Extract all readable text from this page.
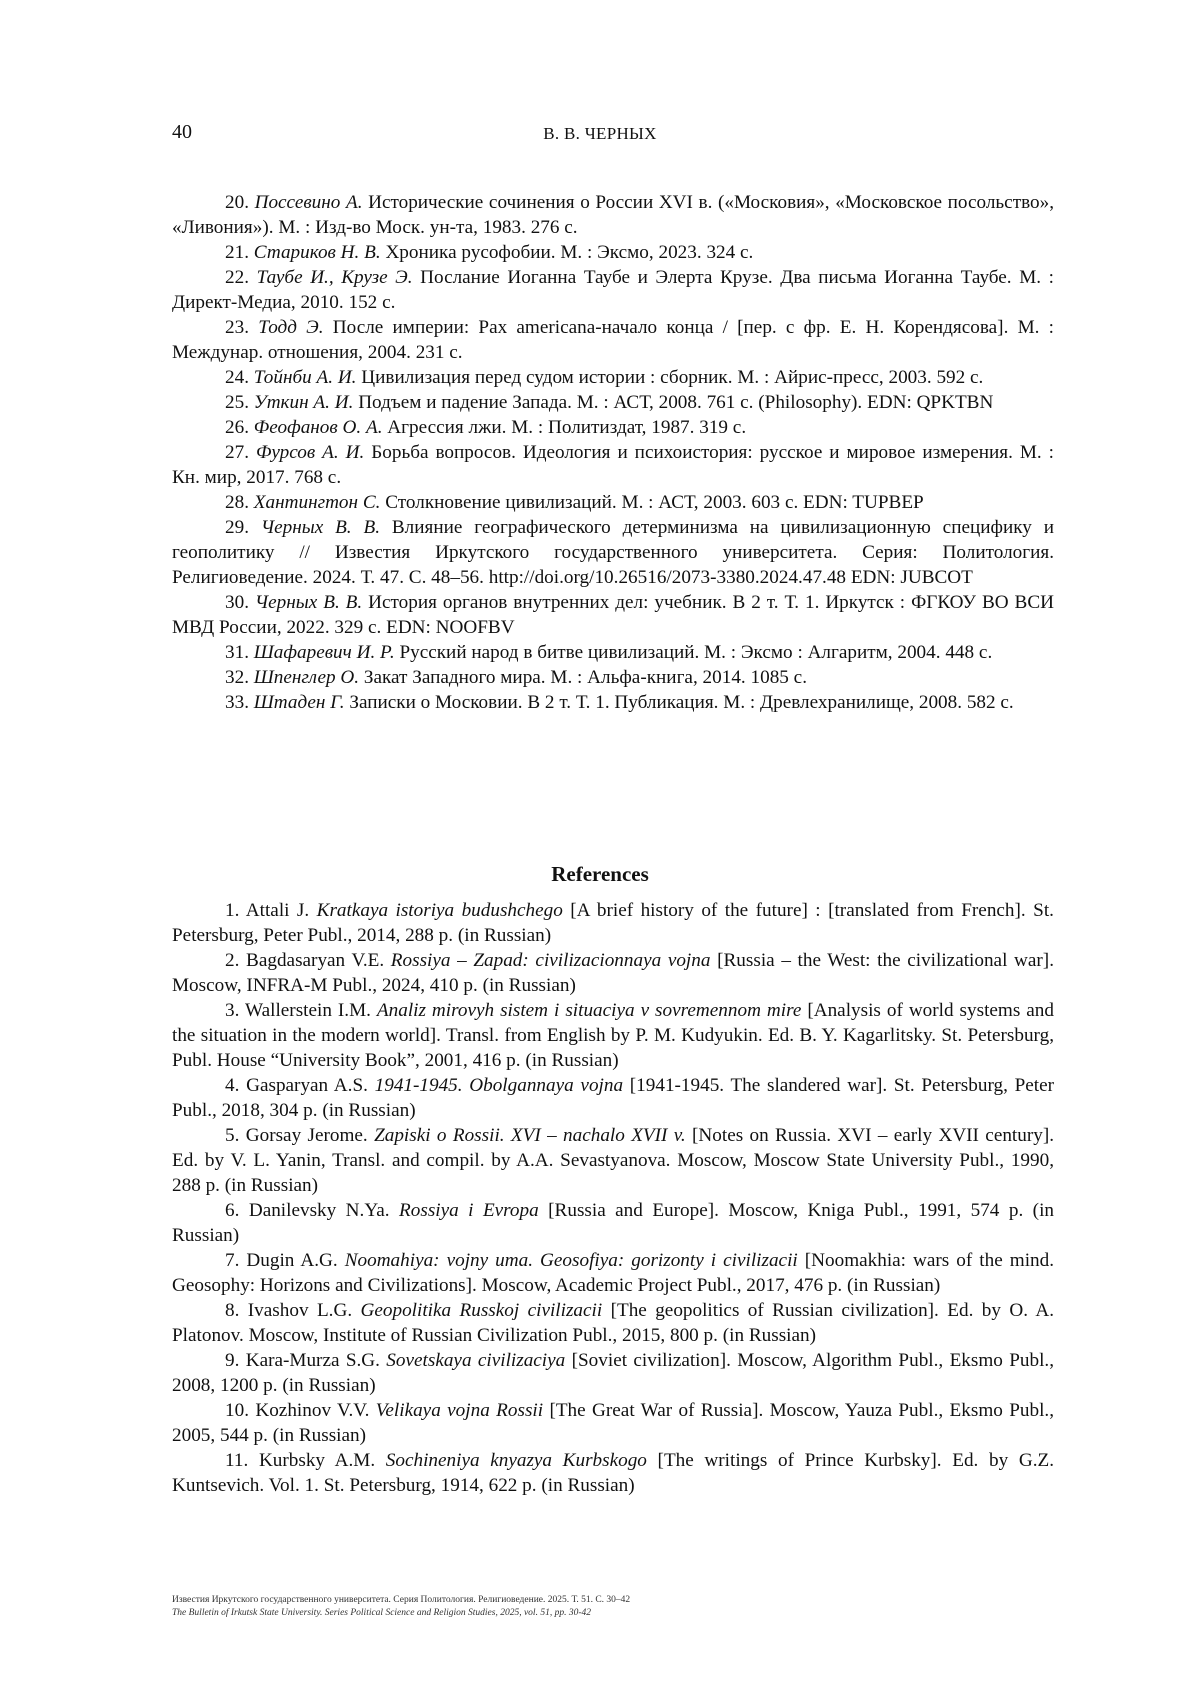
40	В. В. ЧЕРНЫХ

20. Поссевино А. Исторические сочинения о России XVI в. («Московия», «Московское посольство», «Ливония»). М. : Изд-во Моск. ун-та, 1983. 276 с.

21. Стариков Н. В. Хроника русофобии. М. : Эксмо, 2023. 324 с.

22. Таубе И., Крузе Э. Послание Иоганна Таубе и Элерта Крузе. Два письма Иоганна Таубе. М. : Директ-Медиа, 2010. 152 с.

23. Тодд Э. После империи: Pax americana-начало конца / [пер. с фр. Е. Н. Корендясова]. М. : Междунар. отношения, 2004. 231 с.

24. Тойнби А. И. Цивилизация перед судом истории : сборник. М. : Айрис-пресс, 2003. 592 с.

25. Уткин А. И. Подъем и падение Запада. М. : АСТ, 2008. 761 с. (Philosophy). EDN: QPKTBN

26. Феофанов О. А. Агрессия лжи. М. : Политиздат, 1987. 319 с.

27. Фурсов А. И. Борьба вопросов. Идеология и психоистория: русское и мировое измерения. М. : Кн. мир, 2017. 768 с.

28. Хантингтон С. Столкновение цивилизаций. М. : АСТ, 2003. 603 с. EDN: TUPBEP

29. Черных В. В. Влияние географического детерминизма на цивилизационную специфику и геополитику // Известия Иркутского государственного университета. Серия: Политология. Религиоведение. 2024. Т. 47. С. 48–56. http://doi.org/10.26516/2073-3380.2024.47.48 EDN: JUBCOT

30. Черных В. В. История органов внутренних дел: учебник. В 2 т. Т. 1. Иркутск : ФГКОУ ВО ВСИ МВД России, 2022. 329 с. EDN: NOOFBV

31. Шафаревич И. Р. Русский народ в битве цивилизаций. М. : Эксмо : Алгаритм, 2004. 448 с.

32. Шпенглер О. Закат Западного мира. М. : Альфа-книга, 2014. 1085 с.

33. Штаден Г. Записки о Московии. В 2 т. Т. 1. Публикация. М. : Древлехранилище, 2008. 582 с.

References

1. Attali J. Kratkaya istoriya budushchego [A brief history of the future] : [translated from French]. St. Petersburg, Peter Publ., 2014, 288 p. (in Russian)

2. Bagdasaryan V.E. Rossiya – Zapad: civilizacionnaya vojna [Russia – the West: the civilizational war]. Moscow, INFRA-M Publ., 2024, 410 p. (in Russian)

3. Wallerstein I.M. Analiz mirovyh sistem i situaciya v sovremennom mire [Analysis of world systems and the situation in the modern world]. Transl. from English by P. M. Kudyukin. Ed. B. Y. Kagarlitsky. St. Petersburg, Publ. House “University Book”, 2001, 416 p. (in Russian)

4. Gasparyan A.S. 1941-1945. Obolgannaya vojna [1941-1945. The slandered war]. St. Petersburg, Peter Publ., 2018, 304 p. (in Russian)

5. Gorsay Jerome. Zapiski o Rossii. XVI – nachalo XVII v. [Notes on Russia. XVI – early XVII century]. Ed. by V. L. Yanin, Transl. and compil. by A.A. Sevastyanova. Moscow, Moscow State University Publ., 1990, 288 p. (in Russian)

6. Danilevsky N.Ya. Rossiya i Evropa [Russia and Europe]. Moscow, Kniga Publ., 1991, 574 p. (in Russian)

7. Dugin A.G. Noomahiya: vojny uma. Geosofiya: gorizonty i civilizacii [Noomakhia: wars of the mind. Geosophy: Horizons and Civilizations]. Moscow, Academic Project Publ., 2017, 476 p. (in Russian)

8. Ivashov L.G. Geopolitika Russkoj civilizacii [The geopolitics of Russian civilization]. Ed. by O. A. Platonov. Moscow, Institute of Russian Civilization Publ., 2015, 800 p. (in Russian)

9. Kara-Murza S.G. Sovetskaya civilizaciya [Soviet civilization]. Moscow, Algorithm Publ., Eksmo Publ., 2008, 1200 p. (in Russian)

10. Kozhinov V.V. Velikaya vojna Rossii [The Great War of Russia]. Moscow, Yauza Publ., Eksmo Publ., 2005, 544 p. (in Russian)

11. Kurbsky A.M. Sochineniya knyazya Kurbskogo [The writings of Prince Kurbsky]. Ed. by G.Z. Kuntsevich. Vol. 1. St. Petersburg, 1914, 622 p. (in Russian)

Известия Иркутского государственного университета. Серия Политология. Религиоведение. 2025. Т. 51. С. 30–42
The Bulletin of Irkutsk State University. Series Political Science and Religion Studies, 2025, vol. 51, pp. 30-42
